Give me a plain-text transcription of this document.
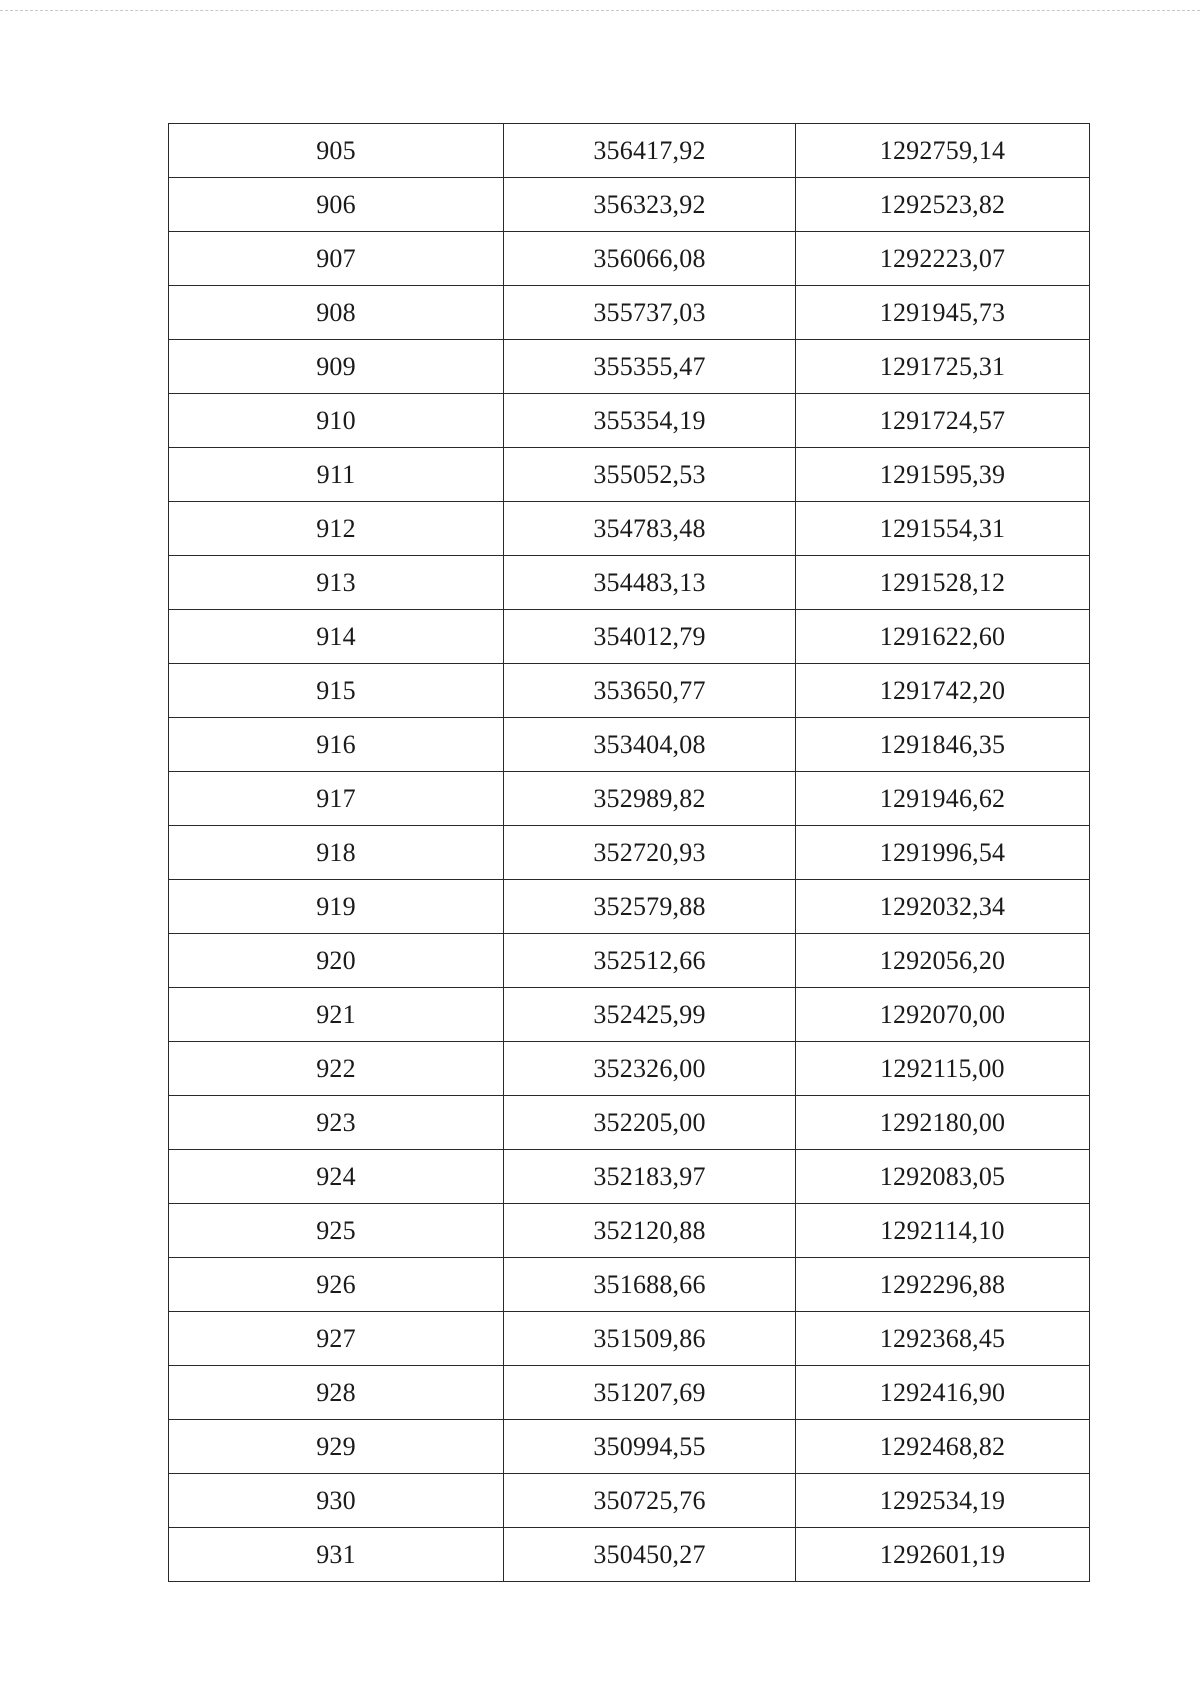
905	356417,92	1292759,14
906	356323,92	1292523,82
907	356066,08	1292223,07
908	355737,03	1291945,73
909	355355,47	1291725,31
910	355354,19	1291724,57
911	355052,53	1291595,39
912	354783,48	1291554,31
913	354483,13	1291528,12
914	354012,79	1291622,60
915	353650,77	1291742,20
916	353404,08	1291846,35
917	352989,82	1291946,62
918	352720,93	1291996,54
919	352579,88	1292032,34
920	352512,66	1292056,20
921	352425,99	1292070,00
922	352326,00	1292115,00
923	352205,00	1292180,00
924	352183,97	1292083,05
925	352120,88	1292114,10
926	351688,66	1292296,88
927	351509,86	1292368,45
928	351207,69	1292416,90
929	350994,55	1292468,82
930	350725,76	1292534,19
931	350450,27	1292601,19
